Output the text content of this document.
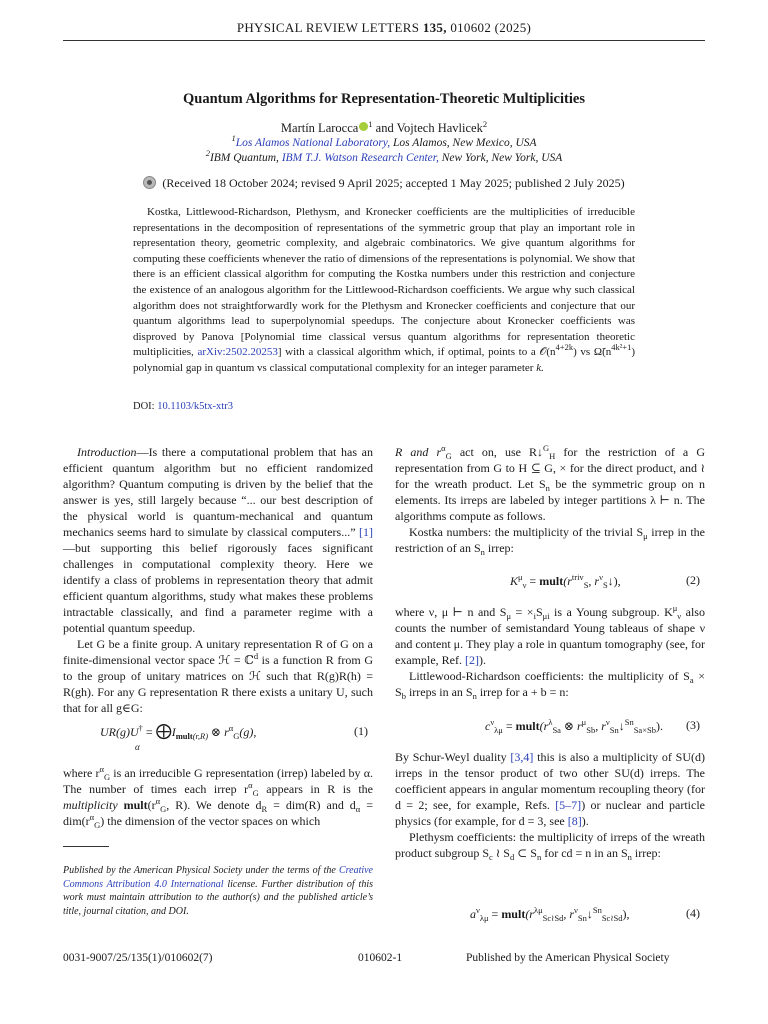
PHYSICAL REVIEW LETTERS 135, 010602 (2025)
Quantum Algorithms for Representation-Theoretic Multiplicities
Martín Larocca $^1$ and Vojtech Havlicek$^2$
$^1$Los Alamos National Laboratory, Los Alamos, New Mexico, USA
$^2$IBM Quantum, IBM T.J. Watson Research Center, New York, New York, USA
(Received 18 October 2024; revised 9 April 2025; accepted 1 May 2025; published 2 July 2025)
Kostka, Littlewood-Richardson, Plethysm, and Kronecker coefficients are the multiplicities of irreducible representations in the decomposition of representations of the symmetric group that play an important role in representation theory, geometric complexity, and algebraic combinatorics. We give quantum algorithms for computing these coefficients whenever the ratio of dimensions of the representations is polynomial. We show that there is an efficient classical algorithm for computing the Kostka numbers under this restriction and conjecture the existence of an analogous algorithm for the Littlewood-Richardson coefficients. We argue why such classical algorithm does not straightforwardly work for the Plethysm and Kronecker coefficients and conjecture that our quantum algorithms lead to superpolynomial speedups. The conjecture about Kronecker coefficients was disproved by Panova [Polynomial time classical versus quantum algorithms for representation theoretic multiplicities, arXiv:2502.20253] with a classical algorithm which, if optimal, points to a $𝒪(n^{4+2k})$ vs $\Omegã(n^{4k^2+1})$ polynomial gap in quantum vs classical computational complexity for an integer parameter k.
DOI: 10.1103/k5tx-xtr3

Introduction—Is there a computational problem that has an efficient quantum algorithm but no efficient randomized algorithm? Quantum computing is driven by the belief that the answer is yes, still largely because “... our best description of the physical world is quantum-mechanical and quantum mechanics seems hard to simulate by classical computers...” [1]—but supporting this belief rigorously faces significant challenges in computational complexity theory. Here we identify a class of problems in representation theory that admit efficient quantum algorithms, study what makes these problems intractable classically, and find a parameter regime with a potential quantum speedup.

Let G be a finite group. A unitary representation R of G on a finite-dimensional vector space ℋ = ℂ$^d$ is a function R from G to the group of unitary matrices on ℋ such that R(g)R(h) = R(gh). For any G representation R there exists a unitary U, such that for all g∈G:

$UR(g)U^\dagger = ⨁I_{mult(r,R)}$ ⊗ $r^\alpha_G(g)$,
α
(1)

where $r^\alpha_G$ is an irreducible G representation (irrep) labeled by α. The number of times each irrep $r^\alpha_G$ appears in R is the multiplicity $mult(r^\alpha_G$, R). We denote $d_R = dim(R)$ and $d_\alpha = dim(r^\alpha_G)$ the dimension of the vector spaces on which

Published by the American Physical Society under the terms of the Creative Commons Attribution 4.0 International license. Further distribution of this work must maintain attribution to the author(s) and the published article’s title, journal citation, and DOI.

R and $r^\alpha_G$ act on, use R↓$^G_H$ for the restriction of a G representation from G to H ⊆ G, × for the direct product, and ≀ for the wreath product. Let $S_n$ be the symmetric group on n elements. Its irreps are labeled by integer partitions λ ⊢ n. The algorithms compute as follows.

Kostka numbers: the multiplicity of the trivial $S_\mu$ irrep in the restriction of an $S_n$ irrep:

$K^\mu_\nu$ = $mult(r^{triv}_S$, $r^\nu_S↓$),	(2)

where ν, μ ⊢ n and $S_\mu = \times_iS_{\mu i}$ is a Young subgroup. $K^\mu_\nu$ also counts the number of semistandard Young tableaus of shape ν and content μ. They play a role in quantum tomography (see, for example, Ref. [2]).

Littlewood-Richardson coefficients: the multiplicity of $S_a \times S_b$ irreps in an $S_n$ irrep for a + b = n:

$c^\nu_{\lambda\mu}$ = $mult(r^\lambda_{Sa}$ ⊗ $r^\mu_{Sb}$, $r^\nu_{Sn}↓^{Sn}_{Sa\times Sb}$). (3)

By Schur-Weyl duality [3,4] this is also a multiplicity of SU(d) irreps in the tensor product of two other SU(d) irreps. The coefficient appears in angular momentum recoupling theory (for d = 2; see, for example, Refs. [5–7]) or nuclear and particle physics (for example, for d = 3, see [8]).

Plethysm coefficients: the multiplicity of irreps of the wreath product subgroup $S_c$ ≀ $S_d$ ⊂ $S_n$ for cd = n in an $S_n$ irrep:

$a^\nu_{\lambda\mu}$ = $mult(r^{\lambda\mu}_{Sc≀Sd}$, $r^\nu_{Sn}↓^{Sn}_{Sc≀Sd}$),	(4)
0031-9007/25/135(1)/010602(7)	010602-1	Published by the American Physical Society
